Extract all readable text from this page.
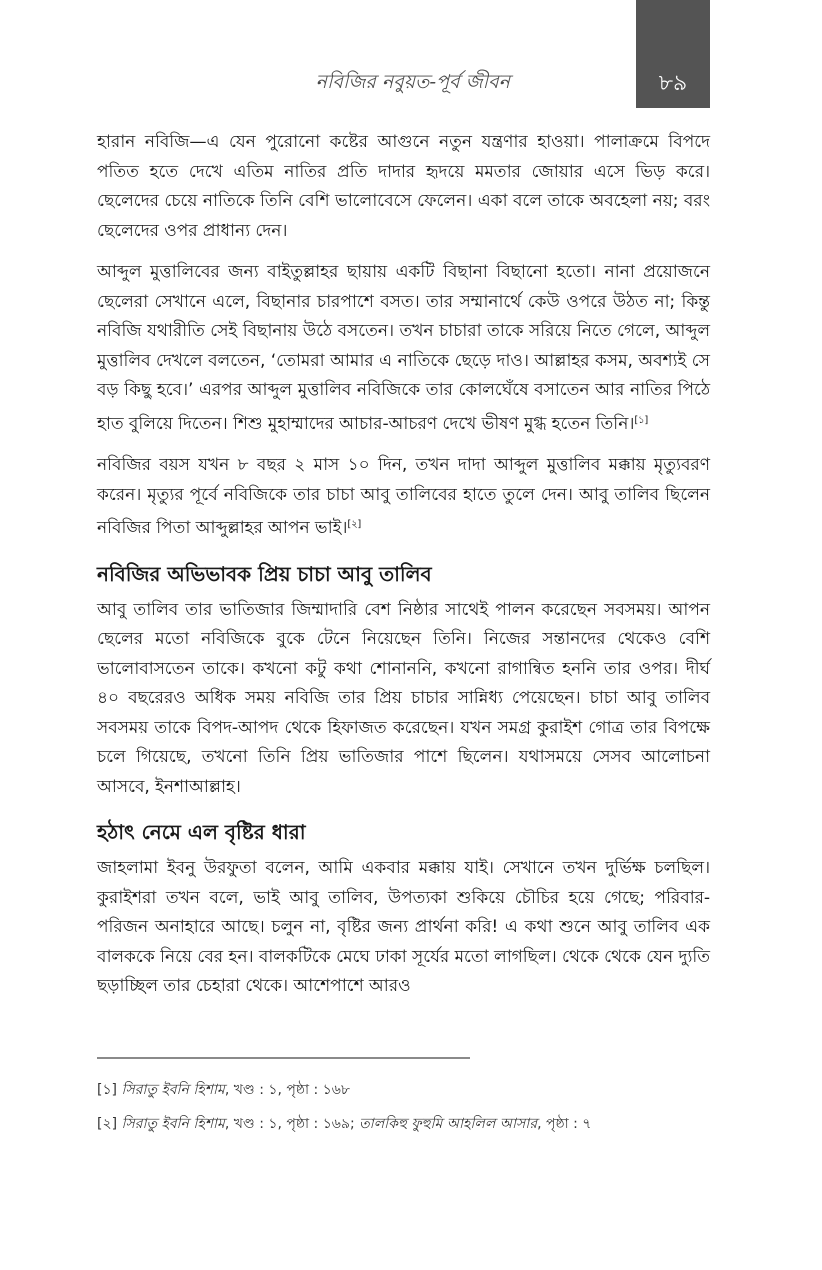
নবিজির নবুয়ত-পূর্ব জীবন	৮৯

হারান নবিজি—এ যেন পুরোনো কষ্টের আগুনে নতুন যন্ত্রণার হাওয়া। পালাক্রমে বিপদে পতিত হতে দেখে এতিম নাতির প্রতি দাদার হৃদয়ে মমতার জোয়ার এসে ভিড় করে। ছেলেদের চেয়ে নাতিকে তিনি বেশি ভালোবেসে ফেলেন। একা বলে তাকে অবহেলা নয়; বরং ছেলেদের ওপর প্রাধান্য দেন।

আব্দুল মুত্তালিবের জন্য বাইতুল্লাহর ছায়ায় একটি বিছানা বিছানো হতো। নানা প্রয়োজনে ছেলেরা সেখানে এলে, বিছানার চারপাশে বসত। তার সম্মানার্থে কেউ ওপরে উঠত না; কিন্তু নবিজি যথারীতি সেই বিছানায় উঠে বসতেন। তখন চাচারা তাকে সরিয়ে নিতে গেলে, আব্দুল মুত্তালিব দেখলে বলতেন, ‘তোমরা আমার এ নাতিকে ছেড়ে দাও। আল্লাহর কসম, অবশ্যই সে বড় কিছু হবে।’ এরপর আব্দুল মুত্তালিব নবিজিকে তার কোলঘেঁষে বসাতেন আর নাতির পিঠে হাত বুলিয়ে দিতেন। শিশু মুহাম্মাদের আচার-আচরণ দেখে ভীষণ মুগ্ধ হতেন তিনি।[১]

নবিজির বয়স যখন ৮ বছর ২ মাস ১০ দিন, তখন দাদা আব্দুল মুত্তালিব মক্কায় মৃত্যুবরণ করেন। মৃত্যুর পূর্বে নবিজিকে তার চাচা আবু তালিবের হাতে তুলে দেন। আবু তালিব ছিলেন নবিজির পিতা আব্দুল্লাহর আপন ভাই।[২]

নবিজির অভিভাবক প্রিয় চাচা আবু তালিব

আবু তালিব তার ভাতিজার জিম্মাদারি বেশ নিষ্ঠার সাথেই পালন করেছেন সবসময়। আপন ছেলের মতো নবিজিকে বুকে টেনে নিয়েছেন তিনি। নিজের সন্তানদের থেকেও বেশি ভালোবাসতেন তাকে। কখনো কটু কথা শোনাননি, কখনো রাগান্বিত হননি তার ওপর। দীর্ঘ ৪০ বছরেরও অধিক সময় নবিজি তার প্রিয় চাচার সান্নিধ্য পেয়েছেন। চাচা আবু তালিব সবসময় তাকে বিপদ-আপদ থেকে হিফাজত করেছেন। যখন সমগ্র কুরাইশ গোত্র তার বিপক্ষে চলে গিয়েছে, তখনো তিনি প্রিয় ভাতিজার পাশে ছিলেন। যথাসময়ে সেসব আলোচনা আসবে, ইনশাআল্লাহ।

হঠাৎ নেমে এল বৃষ্টির ধারা

জাহলামা ইবনু উরফুতা বলেন, আমি একবার মক্কায় যাই। সেখানে তখন দুর্ভিক্ষ চলছিল। কুরাইশরা তখন বলে, ভাই আবু তালিব, উপত্যকা শুকিয়ে চৌচির হয়ে গেছে; পরিবার-পরিজন অনাহারে আছে। চলুন না, বৃষ্টির জন্য প্রার্থনা করি! এ কথা শুনে আবু তালিব এক বালককে নিয়ে বের হন। বালকটিকে মেঘে ঢাকা সূর্যের মতো লাগছিল। থেকে থেকে যেন দ্যুতি ছড়াচ্ছিল তার চেহারা থেকে। আশেপাশে আরও

[১] সিরাতু ইবনি হিশাম, খণ্ড : ১, পৃষ্ঠা : ১৬৮

[২] সিরাতু ইবনি হিশাম, খণ্ড : ১, পৃষ্ঠা : ১৬৯; তালকিহু ফুহুমি আহলিল আসার, পৃষ্ঠা : ৭
